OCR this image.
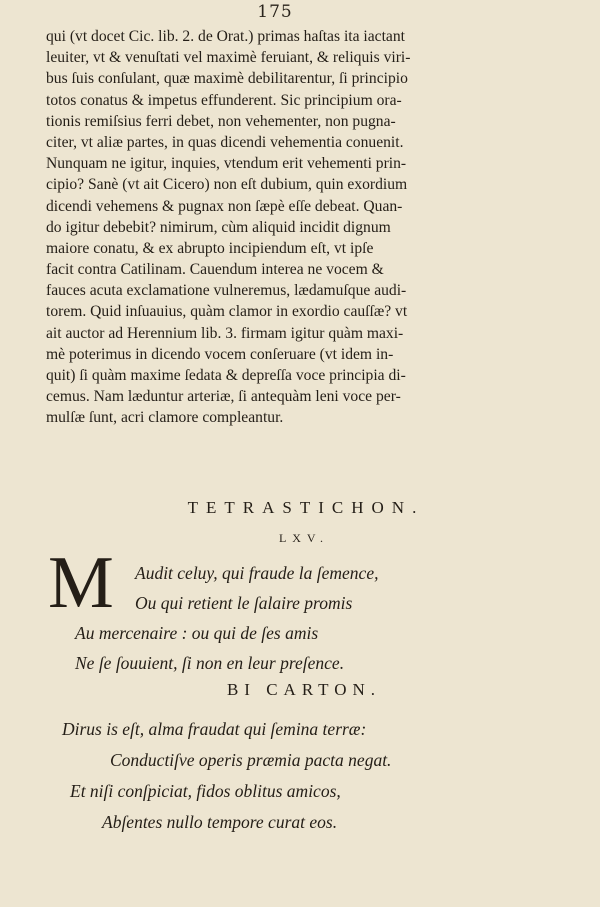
175
qui (vt docet Cic. lib. 2. de Orat.) primas haſtas ita iactant
leuiter, vt & venuſtati vel maximè feruiant, & reliquis viri-
bus ſuis conſulant, quæ maximè debilitarentur, ſi principio
totos conatus & impetus effunderent. Sic principium ora-
tionis remiſsius ferri debet, non vehementer, non pugna-
citer, vt aliæ partes, in quas dicendi vehementia conuenit.
Nunquam ne igitur, inquies, vtendum erit vehementi prin-
cipio? Sanè (vt ait Cicero) non eſt dubium, quin exordium
dicendi vehemens & pugnax non ſæpè eſſe debeat. Quan-
do igitur debebit? nimirum, cùm aliquid incidit dignum
maiore conatu, & ex abrupto incipiendum eſt, vt ipſe
facit contra Catilinam. Cauendum interea ne vocem &
fauces acuta exclamatione vulneremus, lædamuſque audi-
torem. Quid inſuauius, quàm clamor in exordio cauſſæ? vt
ait auctor ad Herennium lib. 3. firmam igitur quàm maxi-
mè poterimus in dicendo vocem conſeruare (vt idem in-
quit) ſi quàm maxime ſedata & depreſſa voce principia di-
cemus. Nam læduntur arteriæ, ſi antequàm leni voce per-
mulſæ ſunt, acri clamore compleantur.
TETRASTICHON.
LXV.
M	Audit celuy, qui fraude la ſemence,
Ou qui retient le ſalaire promis
Au mercenaire : ou qui de ſes amis
Ne ſe ſouuient, ſi non en leur preſence.
BI CARTON.
Dirus is eſt, alma fraudat qui ſemina terræ:
Conductiſve operis præmia pacta negat.
Et niſi conſpiciat, fidos oblitus amicos,
Abſentes nullo tempore curat eos.
